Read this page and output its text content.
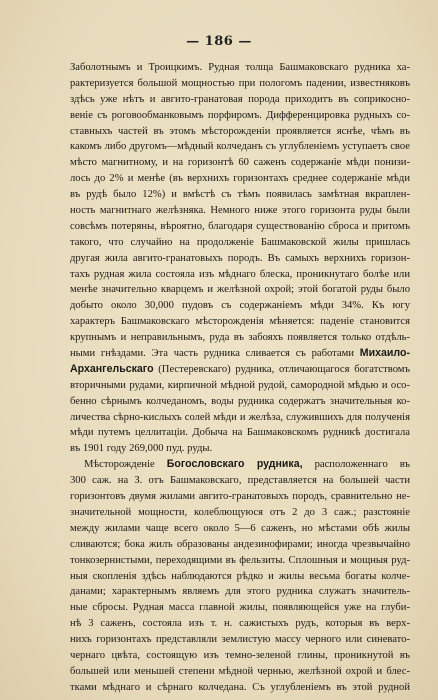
— 186 —
Заболотнымъ и Троицкимъ. Рудная толща Башмаковскаго рудника ха-
рактеризуется большой мощностью при пологомъ падении, известняковъ
здѣсь уже нѣтъ и авгито-гранатовая порода приходитъ въ соприкосно-
веніе съ роговообманковымъ порфиромъ. Дифференцировка рудныхъ со-
ставныхъ частей въ этомъ мѣсторожденіи проявляется яснѣе, чѣмъ въ
какомъ либо другомъ—мѣдный колчеданъ съ углубленіемъ уступаетъ свое
мѣсто магнитному, и на горизонтѣ 60 саженъ содержаніе мѣди понизи-
лось до 2% и менѣе (въ верхнихъ горизонтахъ среднее содержаніе мѣди
въ рудѣ было 12%) и вмѣстѣ съ тѣмъ появилась замѣтная вкраплен-
ность магнитнаго желѣзняка. Немного ниже этого горизонта руды были
совсѣмъ потеряны, вѣроятно, благодаря существованію сброса и притомъ
такого, что случайно на продолженіе Башмаковской жилы пришлась
другая жила авгито-гранатовыхъ породъ. Въ самыхъ верхнихъ горизон-
тахъ рудная жила состояла изъ мѣднаго блеска, проникнутаго болѣе или
менѣе значительно кварцемъ и желѣзной охрой; этой богатой руды было
добыто около 30,000 пудовъ съ содержаніемъ мѣди 34%. Къ югу
характеръ Башмаковскаго мѣсторожденія мѣняется: паденіе становится
крупнымъ и неправильнымъ, руда въ забояхъ появляется только отдѣль-
ными гнѣздами. Эта часть рудника сливается съ работами Михаило-
Архангельскаго (Пестеревскаго) рудника, отличающагося богатствомъ
вторичными рудами, кирпичной мѣдной рудой, самородной мѣдью и осо-
бенно сѣрнымъ колчеданомъ, воды рудника содержатъ значительныя ко-
личества сѣрно-кислыхъ солей мѣди и желѣза, служившихъ для полученія
мѣди путемъ целлитаціи. Добыча на Башмаковскомъ рудникѣ достигала
въ 1901 году 269,000 пуд. руды.
Мѣсторожденіе Богословскаго рудника, расположеннаго въ
300 саж. на З. отъ Башмаковскаго, представляется на большей части
горизонтовъ двумя жилами авгито-гранатовыхъ породъ, сравнительно не-
значительной мощности, колеблющуюся отъ 2 до 3 саж.; разстояніе
между жилами чаще всего около 5—6 саженъ, но мѣстами обѣ жилы
сливаются; бока жилъ образованы андезинофирами; иногда чрезвычайно
тонкозернистыми, переходящими въ фельзиты. Сплошныя и мощныя руд-
ныя скопленія здѣсь наблюдаются рѣдко и жилы весьма богаты колче-
данами; характернымъ являемъ для этого рудника служатъ значитель-
ные сбросы. Рудная масса главной жилы, появляющейся уже на глуби-
нѣ 3 саженъ, состояла изъ т. н. сажистыхъ рудъ, которыя въ верх-
нихъ горизонтахъ представляли землистую массу черного или синевато-
чернаго цвѣта, состоящую изъ темно-зеленой глины, проникнутой въ
большей или меньшей степени мѣдной чернью, желѣзной охрой и блес-
тками мѣднаго и сѣрнаго колчедана. Съ углубленіемъ въ этой рудной
